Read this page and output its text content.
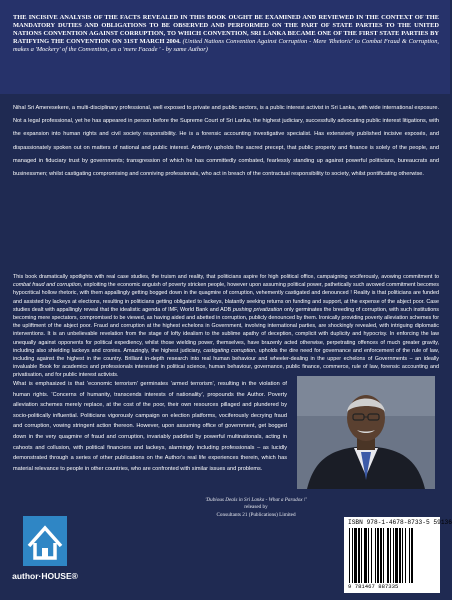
THE INCISIVE ANALYSIS OF THE FACTS REVEALED IN THIS BOOK OUGHT BE EXAMINED AND REVIEWED IN THE CONTEXT OF THE MANDATORY DUTIES AND OBLIGATIONS TO BE OBSERVED AND PERFORMED ON THE PART OF STATE PARTIES TO THE UNITED NATIONS CONVENTION AGAINST CORRUPTION, TO WHICH CONVENTION, SRI LANKA BECAME ONE OF THE FIRST STATE PARTIES BY RATIFYING THE CONVENTION ON 31ST MARCH 2004. (United Nations Convention Against Corruption - Mere 'Rhetoric' to Combat Fraud & Corruption, makes a 'Mockery' of the Convention, as a 'mere Facade ' - by same Author)
Nihal Sri Ameresekere, a multi-disciplinary professional, well exposed to private and public sectors, is a public interest activist in Sri Lanka, with wide international exposure. Not a legal professional, yet he has appeared in person before the Supreme Court of Sri Lanka, the highest judiciary, successfully advocating public interest litigations, with the expansion into human rights and civil society responsibility. He is a forensic accounting investigative specialist. Has extensively published incisive exposés, and dispassionately spoken out on matters of national and public interest. Ardently upholds the sacred precept, that public property and finance is solely of the people, and managed in fiduciary trust by governments; transgression of which he has committedly combated, fearlessly standing up against powerful politicians, bureaucrats and businessmen; whilst castigating compromising and conniving professionals, who act in breach of the contractual responsibility to society, whilst pontificating otherwise.
This book dramatically spotlights with real case studies, the truism and reality, that politicians aspire for high political office, campaigning vociferously, avowing commitment to combat fraud and corruption, exploiting the economic anguish of poverty stricken people, however upon assuming political power, pathetically such avowed commitment becomes hypocritical hollow rhetoric, with them appallingly getting bogged down in the quagmire of corruption, vehemently castigated and denounced ! Reality is that politicians are funded and assisted by lackeys at elections, resulting in politicians getting obligated to lackeys, blatantly seeking returns on funding and support, at the expense of the abject poor. Case studies dealt with appallingly reveal that the idealistic agenda of IMF, World Bank and ADB pushing privatization only germinates the breeding of corruption, with such institutions becoming mere spectators, compromised to be viewed, as having aided and abetted in corruption, publicly denounced by them. Ironically providing poverty alleviation schemes for the upliftment of the abject poor. Fraud and corruption at the highest echelons in Government, involving international parties, are shockingly revealed, with intriguing diplomatic interventions. It is an unbelievable revelation from the stage of lofty idealism to the sublime apathy of deception, complicit with duplicity and hypocrisy. In enforcing the law unequally against opponents for political expediency, whilst those wielding power, themselves, have brazenly acted otherwise, perpetrating offences of much greater gravity, including also shielding lackeys and cronies. Amazingly, the highest judiciary, castigating corruption, upholds the dire need for governance and enforcement of the rule of law, including against the highest in the country. Brilliant in-depth research into real human behaviour and wheeler-dealing in the upper echelons of Governments – an ideally invaluable Book for academics and professionals interested in political science, human behaviour, governance, public finance, commerce, rule of law, forensic accounting and privatisation, and for public interest activists.
What is emphasized is that ‘economic terrorism’ germinates ‘armed terrorism’, resulting in the violation of human rights. ‘Concerns of humanity, transcends interests of nationality’, propounds the Author. Poverty alleviation schemes merely replace, at the cost of the poor, their own resources pillaged and plundered by socio-politically influential. Politicians vigorously campaign on election platforms, vociferously decrying fraud and corruption, vowing stringent action thereon. However, upon assuming office of government, get bogged down in the very quagmire of fraud and corruption, invariably paddled by powerful multinationals, acting in cahoots and collusion, with political financiers and lackeys, alarmingly including professionals – as lucidly demonstrated through a series of other publications on the Author's real life experiences therein, which has material relevance to people in other countries, who are confronted with similar issues and problems.
'Dubious Deals in Sri Lanka - What a Paradox !'
released by
Consultants 21 (Publications) Limited
author·HOUSE®
ISBN 978-1-4678-8733-5 59136
9 781467 887335
